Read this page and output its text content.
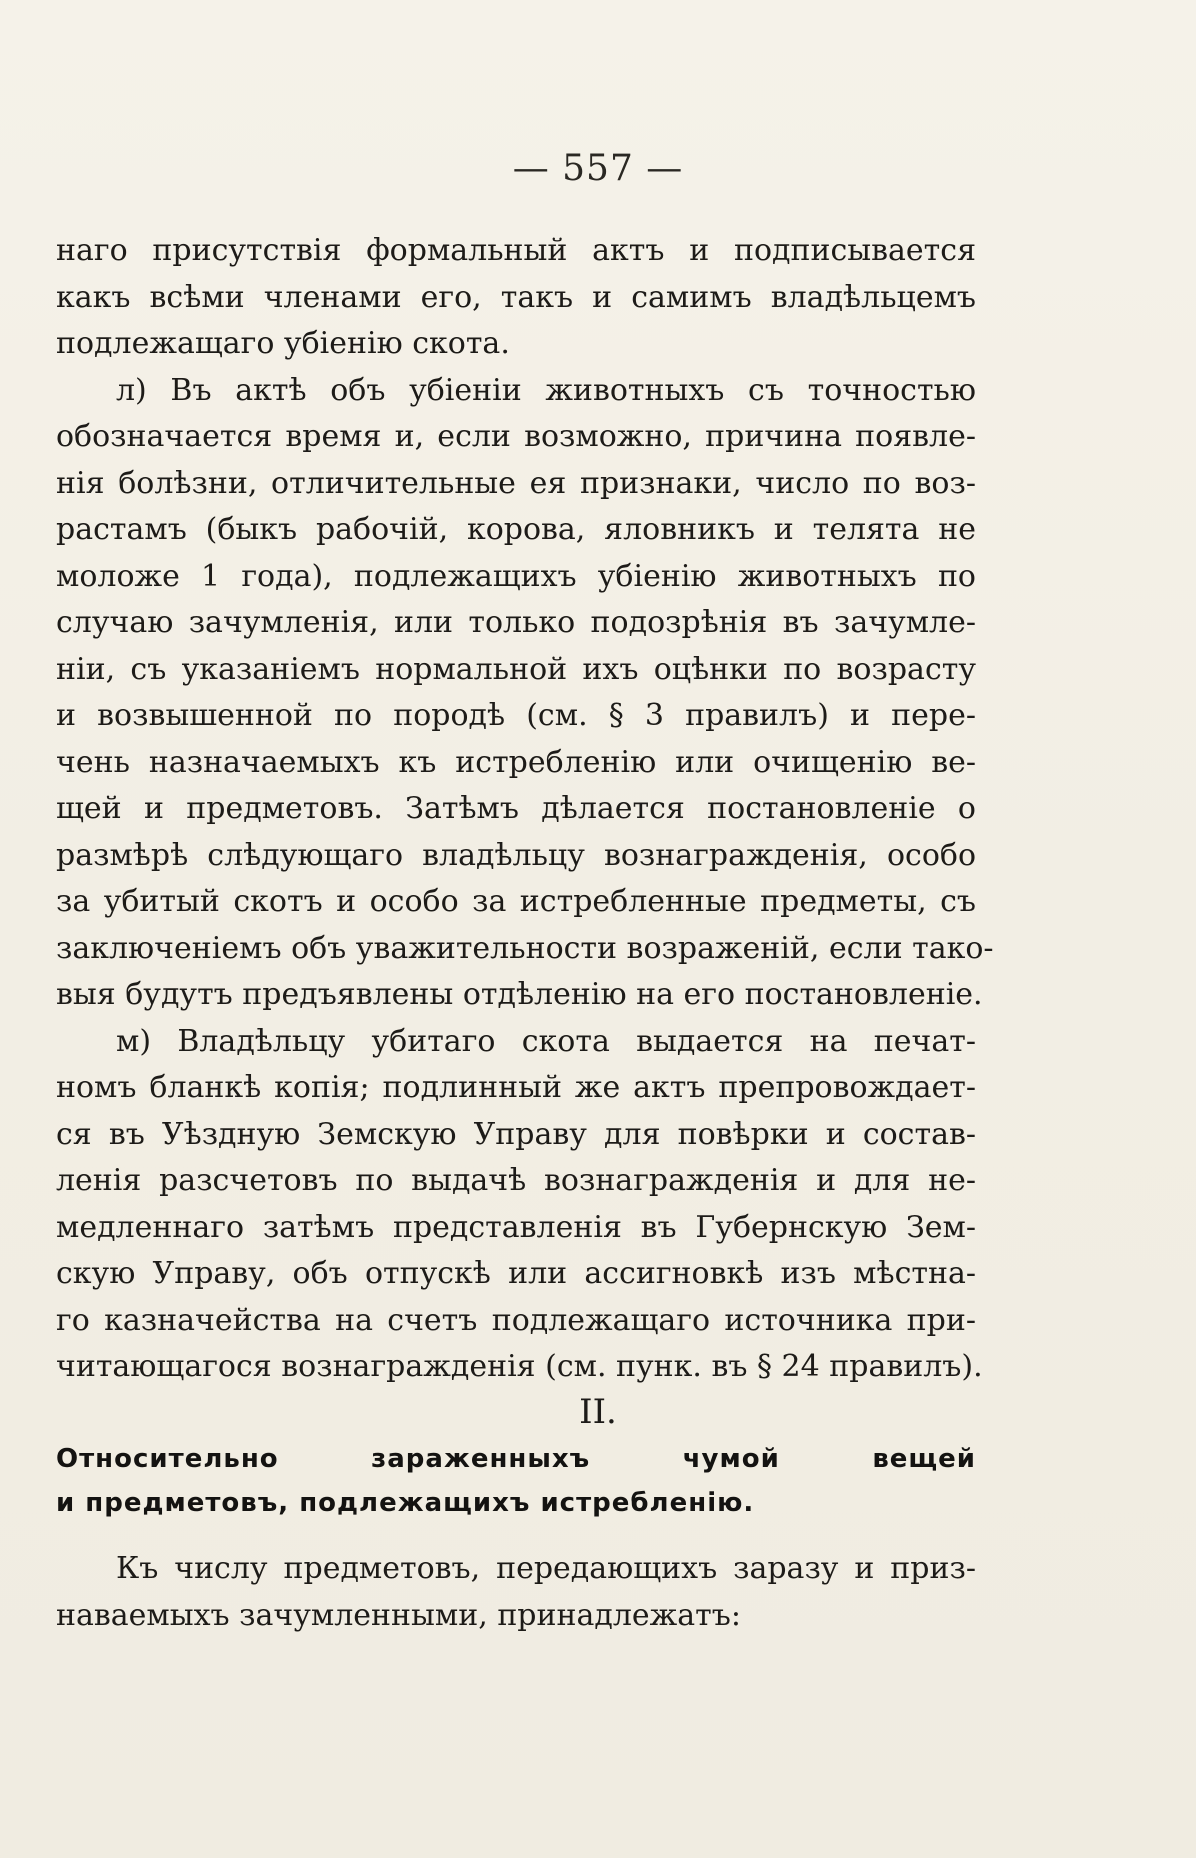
— 557 —
наго присутствія формальный актъ и подписывается
какъ всѣми членами его, такъ и самимъ владѣльцемъ
подлежащаго убіенію скота.
л) Въ актѣ объ убіеніи животныхъ съ точностью
обозначается время и, если возможно, причина появле-
нія болѣзни, отличительные ея признаки, число по воз-
растамъ (быкъ рабочій, корова, яловникъ и телята не
моложе 1 года), подлежащихъ убіенію животныхъ по
случаю зачумленія, или только подозрѣнія въ зачумле-
ніи, съ указаніемъ нормальной ихъ оцѣнки по возрасту
и возвышенной по породѣ (см. § 3 правилъ) и пере-
чень назначаемыхъ къ истребленію или очищенію ве-
щей и предметовъ. Затѣмъ дѣлается постановленіе о
размѣрѣ слѣдующаго владѣльцу вознагражденія, особо
за убитый скотъ и особо за истребленные предметы, съ
заключеніемъ объ уважительности возраженій, если тако-
выя будутъ предъявлены отдѣленію на его постановленіе.
м) Владѣльцу убитаго скота выдается на печат-
номъ бланкѣ копія; подлинный же актъ препровождает-
ся въ Уѣздную Земскую Управу для повѣрки и состав-
ленія разсчетовъ по выдачѣ вознагражденія и для не-
медленнаго затѣмъ представленія въ Губернскую Зем-
скую Управу, объ отпускѣ или ассигновкѣ изъ мѣстна-
го казначейства на счетъ подлежащаго источника при-
читающагося вознагражденія (см. пунк. въ § 24 правилъ).
II.
Относительно зараженныхъ чумой вещей
и предметовъ, подлежащихъ истребленію.
Къ числу предметовъ, передающихъ заразу и приз-
наваемыхъ зачумленными, принадлежатъ:
